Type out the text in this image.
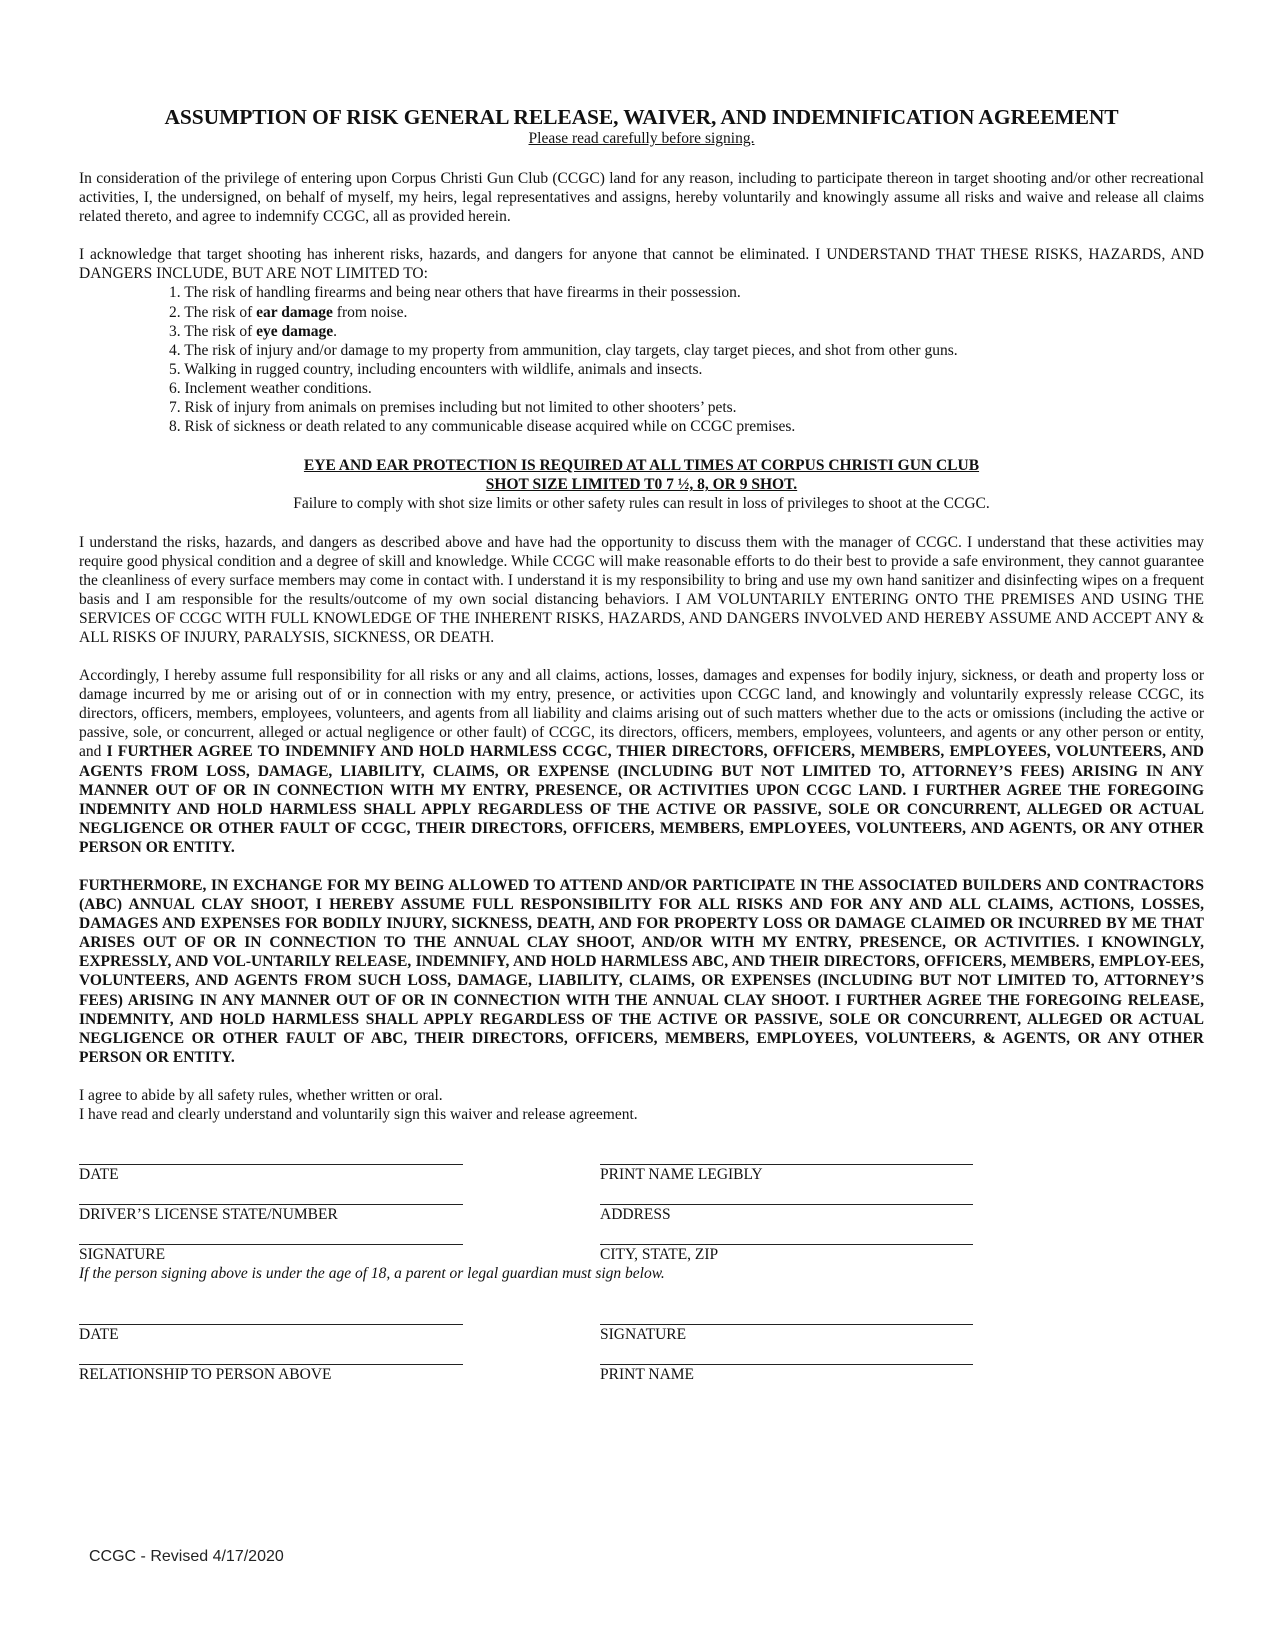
ASSUMPTION OF RISK GENERAL RELEASE, WAIVER, AND INDEMNIFICATION AGREEMENT
Please read carefully before signing.

In consideration of the privilege of entering upon Corpus Christi Gun Club (CCGC) land for any reason, including to participate thereon in target shooting and/or other recreational activities, I, the undersigned, on behalf of myself, my heirs, legal representatives and assigns, hereby voluntarily and knowingly assume all risks and waive and release all claims related thereto, and agree to indemnify CCGC, all as provided herein.

I acknowledge that target shooting has inherent risks, hazards, and dangers for anyone that cannot be eliminated. I UNDERSTAND THAT THESE RISKS, HAZARDS, AND DANGERS INCLUDE, BUT ARE NOT LIMITED TO:

1. The risk of handling firearms and being near others that have firearms in their possession.
2. The risk of ear damage from noise.
3. The risk of eye damage.
4. The risk of injury and/or damage to my property from ammunition, clay targets, clay target pieces, and shot from other guns.
5. Walking in rugged country, including encounters with wildlife, animals and insects.
6. Inclement weather conditions.
7. Risk of injury from animals on premises including but not limited to other shooters’ pets.
8. Risk of sickness or death related to any communicable disease acquired while on CCGC premises.
EYE AND EAR PROTECTION IS REQUIRED AT ALL TIMES AT CORPUS CHRISTI GUN CLUB
SHOT SIZE LIMITED T0 7 ½, 8, OR 9 SHOT.
Failure to comply with shot size limits or other safety rules can result in loss of privileges to shoot at the CCGC.

I understand the risks, hazards, and dangers as described above and have had the opportunity to discuss them with the manager of CCGC. I understand that these activities may require good physical condition and a degree of skill and knowledge. While CCGC will make reasonable efforts to do their best to provide a safe environment, they cannot guarantee the cleanliness of every surface members may come in contact with. I understand it is my responsibility to bring and use my own hand sanitizer and disinfecting wipes on a frequent basis and I am responsible for the results/outcome of my own social distancing behaviors. I AM VOLUNTARILY ENTERING ONTO THE PREMISES AND USING THE SERVICES OF CCGC WITH FULL KNOWLEDGE OF THE INHERENT RISKS, HAZARDS, AND DANGERS INVOLVED AND HEREBY ASSUME AND ACCEPT ANY & ALL RISKS OF INJURY, PARALYSIS, SICKNESS, OR DEATH.

Accordingly, I hereby assume full responsibility for all risks or any and all claims, actions, losses, damages and expenses for bodily injury, sickness, or death and property loss or damage incurred by me or arising out of or in connection with my entry, presence, or activities upon CCGC land, and knowingly and voluntarily expressly release CCGC, its directors, officers, members, employees, volunteers, and agents from all liability and claims arising out of such matters whether due to the acts or omissions (including the active or passive, sole, or concurrent, alleged or actual negligence or other fault) of CCGC, its directors, officers, members, employees, volunteers, and agents or any other person or entity, and I FURTHER AGREE TO INDEMNIFY AND HOLD HARMLESS CCGC, THIER DIRECTORS, OFFICERS, MEMBERS, EMPLOYEES, VOLUNTEERS, AND AGENTS FROM LOSS, DAMAGE, LIABILITY, CLAIMS, OR EXPENSE (INCLUDING BUT NOT LIMITED TO, ATTORNEY’S FEES) ARISING IN ANY MANNER OUT OF OR IN CONNECTION WITH MY ENTRY, PRESENCE, OR ACTIVITIES UPON CCGC LAND. I FURTHER AGREE THE FOREGOING INDEMNITY AND HOLD HARMLESS SHALL APPLY REGARDLESS OF THE ACTIVE OR PASSIVE, SOLE OR CONCURRENT, ALLEGED OR ACTUAL NEGLIGENCE OR OTHER FAULT OF CCGC, THEIR DIRECTORS, OFFICERS, MEMBERS, EMPLOYEES, VOLUNTEERS, AND AGENTS, OR ANY OTHER PERSON OR ENTITY.

FURTHERMORE, IN EXCHANGE FOR MY BEING ALLOWED TO ATTEND AND/OR PARTICIPATE IN THE ASSOCIATED BUILDERS AND CONTRACTORS (ABC) ANNUAL CLAY SHOOT, I HEREBY ASSUME FULL RESPONSIBILITY FOR ALL RISKS AND FOR ANY AND ALL CLAIMS, ACTIONS, LOSSES, DAMAGES AND EXPENSES FOR BODILY INJURY, SICKNESS, DEATH, AND FOR PROPERTY LOSS OR DAMAGE CLAIMED OR INCURRED BY ME THAT ARISES OUT OF OR IN CONNECTION TO THE ANNUAL CLAY SHOOT, AND/OR WITH MY ENTRY, PRESENCE, OR ACTIVITIES. I KNOWINGLY, EXPRESSLY, AND VOL-UNTARILY RELEASE, INDEMNIFY, AND HOLD HARMLESS ABC, AND THEIR DIRECTORS, OFFICERS, MEMBERS, EMPLOY-EES, VOLUNTEERS, AND AGENTS FROM SUCH LOSS, DAMAGE, LIABILITY, CLAIMS, OR EXPENSES (INCLUDING BUT NOT LIMITED TO, ATTORNEY’S FEES) ARISING IN ANY MANNER OUT OF OR IN CONNECTION WITH THE ANNUAL CLAY SHOOT. I FURTHER AGREE THE FOREGOING RELEASE, INDEMNITY, AND HOLD HARMLESS SHALL APPLY REGARDLESS OF THE ACTIVE OR PASSIVE, SOLE OR CONCURRENT, ALLEGED OR ACTUAL NEGLIGENCE OR OTHER FAULT OF ABC, THEIR DIRECTORS, OFFICERS, MEMBERS, EMPLOYEES, VOLUNTEERS, & AGENTS, OR ANY OTHER PERSON OR ENTITY.

I agree to abide by all safety rules, whether written or oral.

I have read and clearly understand and voluntarily sign this waiver and release agreement.

DATE	PRINT NAME LEGIBLY
DRIVER’S LICENSE STATE/NUMBER	ADDRESS
SIGNATURE	CITY, STATE, ZIP

If the person signing above is under the age of 18, a parent or legal guardian must sign below.

DATE	SIGNATURE
RELATIONSHIP TO PERSON ABOVE	PRINT NAME
CCGC - Revised 4/17/2020
